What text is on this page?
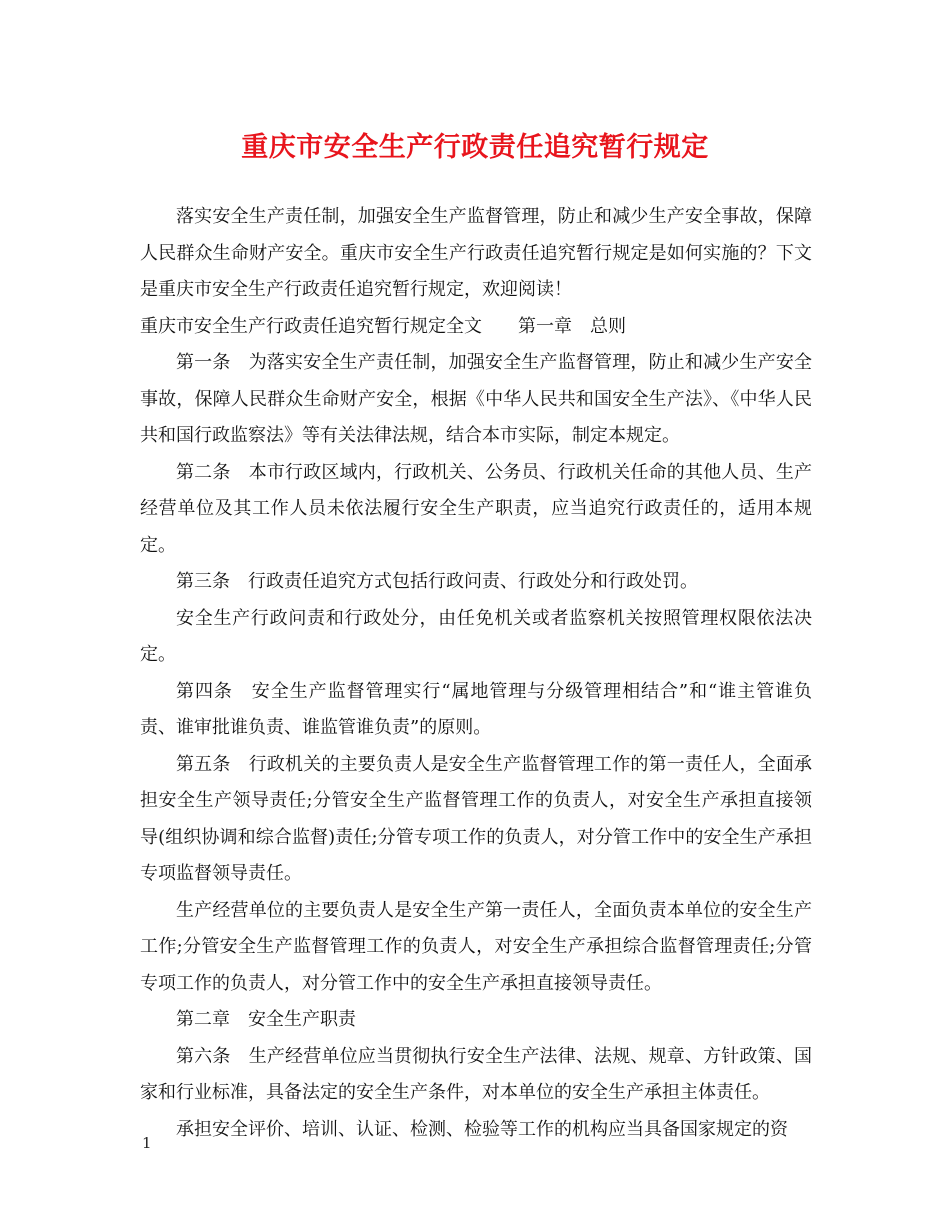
重庆市安全生产行政责任追究暂行规定

落实安全生产责任制，加强安全生产监督管理，防止和减少生产安全事故，保障人民群众生命财产安全。重庆市安全生产行政责任追究暂行规定是如何实施的？下文是重庆市安全生产行政责任追究暂行规定，欢迎阅读！

重庆市安全生产行政责任追究暂行规定全文　　第一章　总则

第一条　为落实安全生产责任制，加强安全生产监督管理，防止和减少生产安全事故，保障人民群众生命财产安全，根据《中华人民共和国安全生产法》、《中华人民共和国行政监察法》等有关法律法规，结合本市实际，制定本规定。

第二条　本市行政区域内，行政机关、公务员、行政机关任命的其他人员、生产经营单位及其工作人员未依法履行安全生产职责，应当追究行政责任的，适用本规定。

第三条　行政责任追究方式包括行政问责、行政处分和行政处罚。

安全生产行政问责和行政处分，由任免机关或者监察机关按照管理权限依法决定。

第四条　安全生产监督管理实行“属地管理与分级管理相结合”和“谁主管谁负责、谁审批谁负责、谁监管谁负责”的原则。

第五条　行政机关的主要负责人是安全生产监督管理工作的第一责任人，全面承担安全生产领导责任;分管安全生产监督管理工作的负责人，对安全生产承担直接领导(组织协调和综合监督)责任;分管专项工作的负责人，对分管工作中的安全生产承担专项监督领导责任。

生产经营单位的主要负责人是安全生产第一责任人，全面负责本单位的安全生产工作;分管安全生产监督管理工作的负责人，对安全生产承担综合监督管理责任;分管专项工作的负责人，对分管工作中的安全生产承担直接领导责任。

第二章　安全生产职责

第六条　生产经营单位应当贯彻执行安全生产法律、法规、规章、方针政策、国家和行业标准，具备法定的安全生产条件，对本单位的安全生产承担主体责任。

承担安全评价、培训、认证、检测、检验等工作的机构应当具备国家规定的资

1
